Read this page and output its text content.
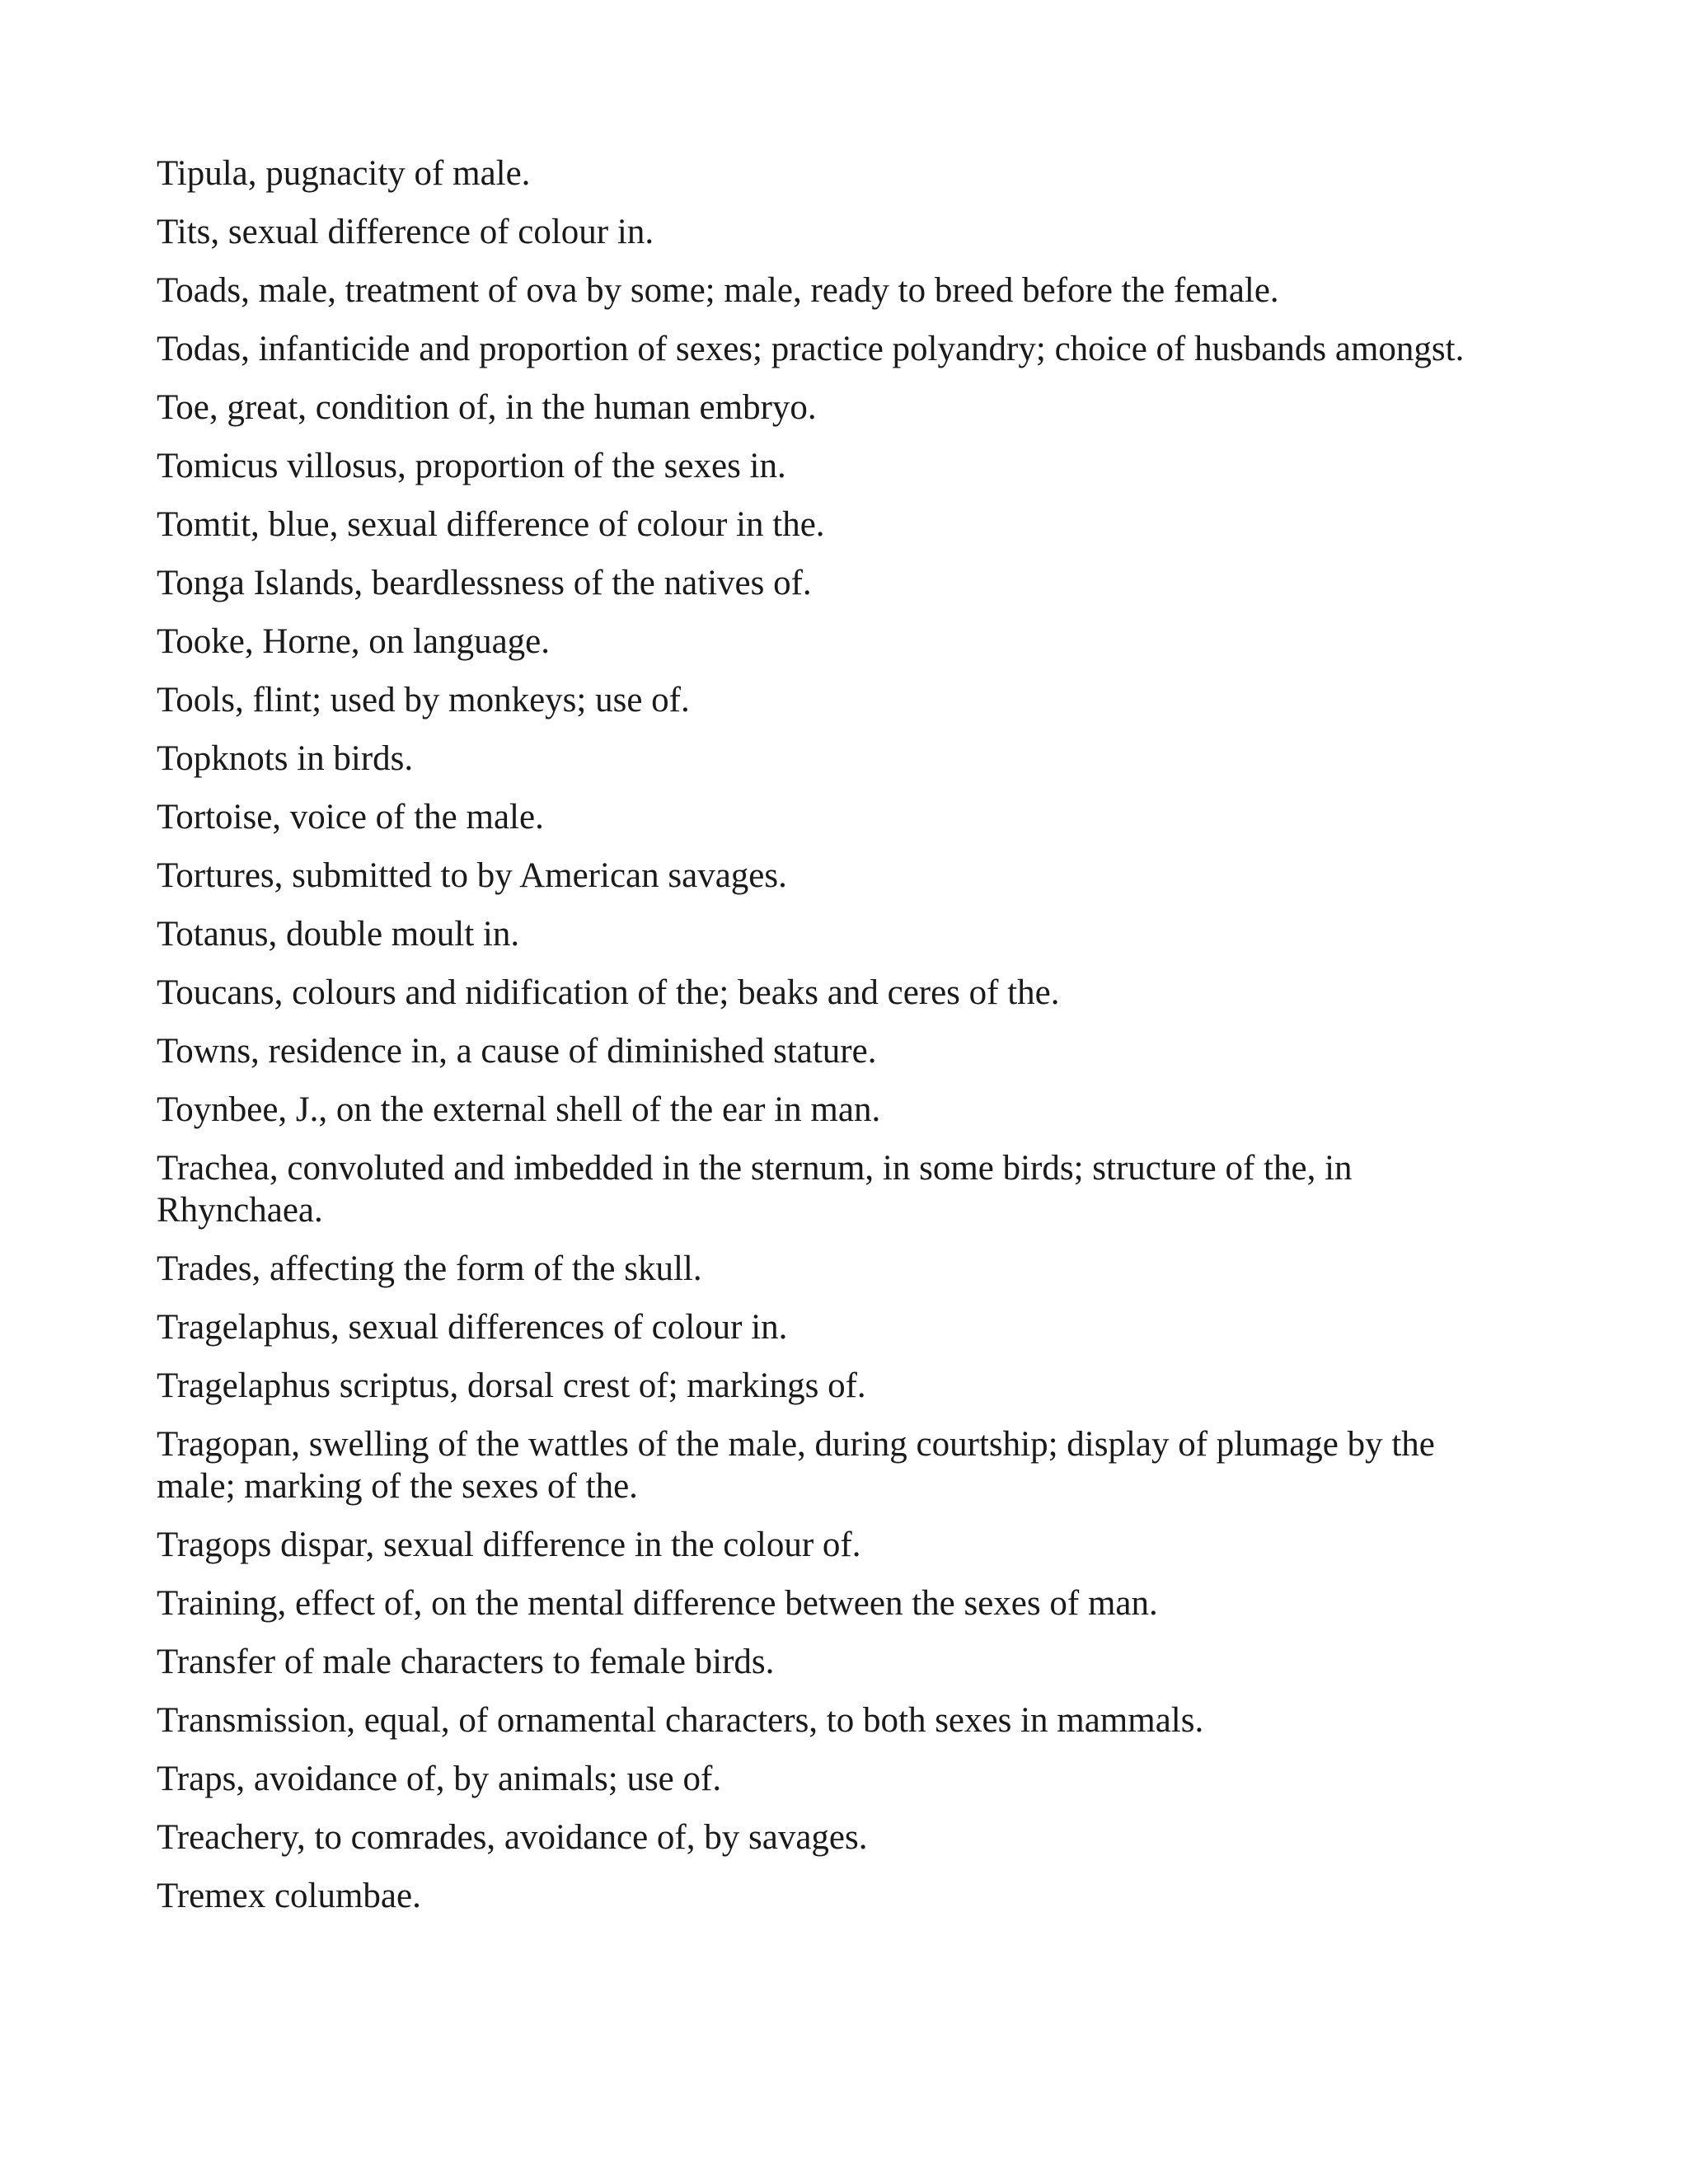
Tipula, pugnacity of male.
Tits, sexual difference of colour in.
Toads, male, treatment of ova by some; male, ready to breed before the female.
Todas, infanticide and proportion of sexes; practice polyandry; choice of husbands amongst.
Toe, great, condition of, in the human embryo.
Tomicus villosus, proportion of the sexes in.
Tomtit, blue, sexual difference of colour in the.
Tonga Islands, beardlessness of the natives of.
Tooke, Horne, on language.
Tools, flint; used by monkeys; use of.
Topknots in birds.
Tortoise, voice of the male.
Tortures, submitted to by American savages.
Totanus, double moult in.
Toucans, colours and nidification of the; beaks and ceres of the.
Towns, residence in, a cause of diminished stature.
Toynbee, J., on the external shell of the ear in man.
Trachea, convoluted and imbedded in the sternum, in some birds; structure of the, in Rhynchaea.
Trades, affecting the form of the skull.
Tragelaphus, sexual differences of colour in.
Tragelaphus scriptus, dorsal crest of; markings of.
Tragopan, swelling of the wattles of the male, during courtship; display of plumage by the male; marking of the sexes of the.
Tragops dispar, sexual difference in the colour of.
Training, effect of, on the mental difference between the sexes of man.
Transfer of male characters to female birds.
Transmission, equal, of ornamental characters, to both sexes in mammals.
Traps, avoidance of, by animals; use of.
Treachery, to comrades, avoidance of, by savages.
Tremex columbae.
